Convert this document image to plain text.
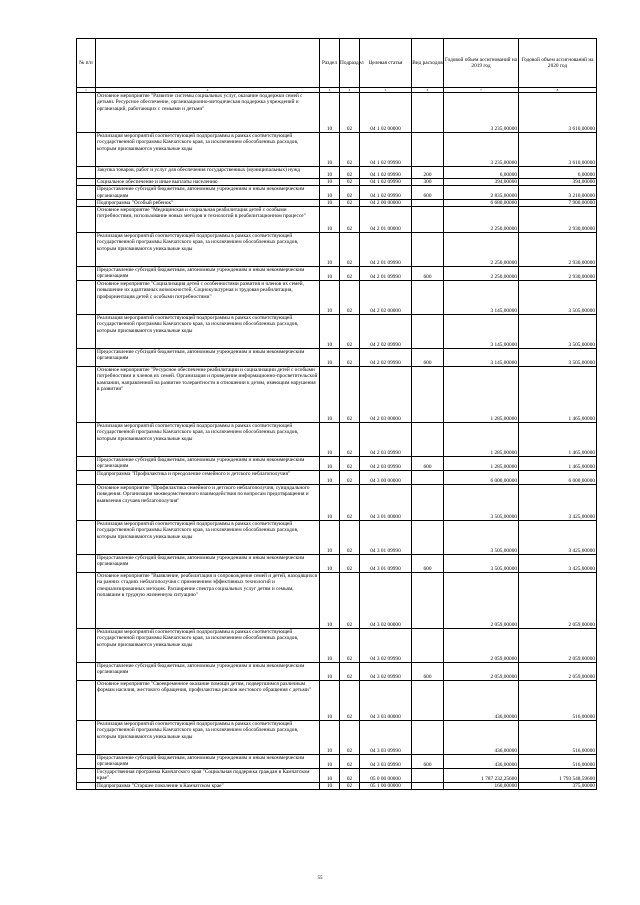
№ п/п		Раздел	Подраздел	Целевая статья	Вид расходов	Годовой объем ассигнований на 2019 год	Годовой объем ассигнований на 2020 год
1	2	3	4	5	6	7	8
	Основное мероприятие "Развитие системы социальных услуг, оказание поддержки семей с детьми. Ресурсное обеспечение, организационно-методическая поддержка учреждений и организаций, работающих с семьями и детьми"	10	02	04 1 02 00000		3 235,00000	3 610,00000
	Реализация мероприятий соответствующей подпрограммы в рамках соответствующей государственной программы Камчатского края, за исключением обособленных расходов, которым присваиваются уникальные коды	10	02	04 1 02 09990		3 235,00000	3 610,00000
	Закупка товаров, работ и услуг для обеспечения государственных (муниципальных) нужд	10	02	04 1 02 09990	200	6,00000	6,00000
	Социальное обеспечение и иные выплаты населению	10	02	04 1 02 09990	300	394,00000	394,00000
	Предоставление субсидий бюджетным, автономным учреждениям и иным некоммерческим организациям	10	02	04 1 02 09990	600	2 835,00000	3 210,00000
	Подпрограмма "Особый ребенок"	10	02	04 2 00 00000		6 680,00000	7 900,00000
	Основное мероприятие "Медицинская и социальная реабилитация детей с особыми потребностями, использование новых методов и технологий в реабилитационном процессе"	10	02	04 2 01 00000		2 250,00000	2 930,00000
	Реализация мероприятий соответствующей подпрограммы в рамках соответствующей государственной программы Камчатского края, за исключением обособленных расходов, которым присваиваются уникальные коды	10	02	04 2 01 09990		2 250,00000	2 930,00000
	Предоставление субсидий бюджетным, автономным учреждениям и иным некоммерческим организациям	10	02	04 2 01 09990	600	2 250,00000	2 930,00000
	Основное мероприятие "Социализация детей с особенностями развития и членов их семей, повышение их адаптивных возможностей. Социокультурная и трудовая реабилитация, профориентация детей с особыми потребностями"	10	02	04 2 02 00000		3 145,00000	3 505,00000
	Реализация мероприятий соответствующей подпрограммы в рамках соответствующей государственной программы Камчатского края, за исключением обособленных расходов, которым присваиваются уникальные коды	10	02	04 2 02 09990		3 145,00000	3 505,00000
	Предоставление субсидий бюджетным, автономным учреждениям и иным некоммерческим организациям	10	02	04 2 02 09990	600	3 145,00000	3 505,00000
	Основное мероприятие "Ресурсное обеспечение реабилитации и социализации детей с особыми потребностями и членов их семей. Организация и проведение информационно-просветительской кампании, направленной на развитие толерантности в отношении к детям, имеющим нарушения в развитии"	10	02	04 2 03 00000		1 285,00000	1 465,00000
	Реализация мероприятий соответствующей подпрограммы в рамках соответствующей государственной программы Камчатского края, за исключением обособленных расходов, которым присваиваются уникальные коды	10	02	04 2 03 09990		1 285,00000	1 465,00000
	Предоставление субсидий бюджетным, автономным учреждениям и иным некоммерческим организациям	10	02	04 2 03 09990	600	1 285,00000	1 465,00000
	Подпрограмма "Профилактика и преодоление семейного и детского неблагополучия"	10	02	04 3 00 00000		6 000,00000	6 000,00000
	Основное мероприятие "Профилактика семейного и детского неблагополучия, суицидального поведения. Организация межведомственного взаимодействия по вопросам предотвращения и выявления случаев неблагополучия"	10	02	04 3 01 00000		3 505,00000	3 425,00000
	Реализация мероприятий соответствующей подпрограммы в рамках соответствующей государственной программы Камчатского края, за исключением обособленных расходов, которым присваиваются уникальные коды	10	02	04 3 01 09990		3 505,00000	3 425,00000
	Предоставление субсидий бюджетным, автономным учреждениям и иным некоммерческим организациям	10	02	04 3 01 09990	600	3 505,00000	3 425,00000
	Основное мероприятие "Выявление, реабилитация и сопровождение семей и детей, находящихся на ранних стадиях неблагополучия с применением эффективных технологий и специализированных методик. Расширение спектра социальных услуг детям и семьям, попавшим в трудную жизненную ситуацию"	10	02	04 3 02 00000		2 059,00000	2 059,00000
	Реализация мероприятий соответствующей подпрограммы в рамках соответствующей государственной программы Камчатского края, за исключением обособленных расходов, которым присваиваются уникальные коды	10	02	04 3 02 09990		2 059,00000	2 059,00000
	Предоставление субсидий бюджетным, автономным учреждениям и иным некоммерческим организациям	10	02	04 3 02 09990	600	2 059,00000	2 059,00000
	Основное мероприятие "Своевременное оказание помощи детям, подвергшимся различным формам насилия, жестокого обращения, профилактика рисков жестокого обращения с детьми"	10	02	04 3 03 00000		436,00000	516,00000
	Реализация мероприятий соответствующей подпрограммы в рамках соответствующей государственной программы Камчатского края, за исключением обособленных расходов, которым присваиваются уникальные коды	10	02	04 3 03 09990		436,00000	516,00000
	Предоставление субсидий бюджетным, автономным учреждениям и иным некоммерческим организациям	10	02	04 3 03 09990	600	436,00000	516,00000
	Государственная программа Камчатского края "Социальная поддержка граждан в Камчатском крае"	10	02	05 0 00 00000		1 787 232,25600	1 793 548,59600
	Подпрограмма "Старшее поколение в Камчатском крае"	10	02	05 1 00 00000		160,00000	375,00000
55
